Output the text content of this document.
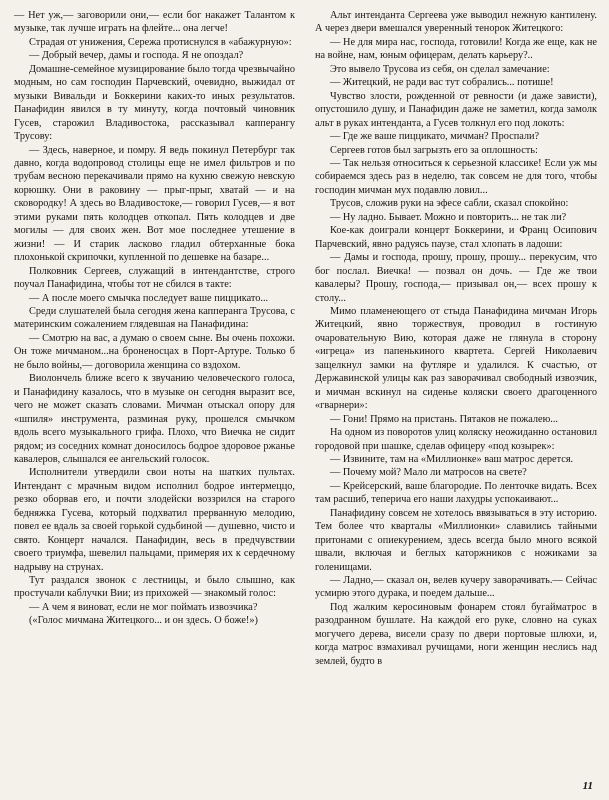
— Нет уж,— заговорили они,— если бог накажет Талантом к музыке, так лучше играть на флейте... она легче!

Страдая от унижения, Сережа протиснулся в «абажурную»:

— Добрый вечер, дамы и господа. Я не опоздал?

Домашне-семейное музицирование было тогда чрезвычайно модным, но сам господин Парчевский, очевидно, выжидал от музыки Вивальди и Боккерини каких-то иных результатов. Панафидин явился в ту минуту, когда почтовый чиновник Гусев, старожил Владивостока, рассказывал капперангу Трусову:

— Здесь, наверное, и помру. Я ведь покинул Петербург так давно, когда водопровод столицы еще не имел фильтров и по трубам весною перекачивали прямо на кухню свежую невскую корюшку. Они в раковину — прыг-прыг, хватай — и на сковородку! А здесь во Владивостоке,— говорил Гусев,— я вот этими руками пять колодцев откопал. Пять колодцев и две могилы — для своих жен. Вот мое последнее утешение в жизни! — И старик ласково гладил обтерханные бока плохонькой скрипочки, купленной по дешевке на базаре...

Полковник Сергеев, служащий в интендантстве, строго поучал Панафидина, чтобы тот не сбился в такте:

— А после моего смычка последует ваше пиццикато...

Среди слушателей была сегодня жена капперанга Трусова, с материнским сожалением глядевшая на Панафидина:

— Смотрю на вас, а думаю о своем сыне. Вы очень похожи. Он тоже мичманом...на броненосцах в Порт-Артуре. Только б не было войны,— договорила женщина со вздохом.

Виолончель ближе всего к звучанию человеческого голоса, и Панафидину казалось, что в музыке он сегодня выразит все, чего не может сказать словами. Мичман отыскал опору для «шпиля» инструмента, разминая руку, прошелся смычком вдоль всего музыкального грифа. Плохо, что Виечка не сидит рядом; из соседних комнат доносилось бодрое здоровое ржанье кавалеров, слышался ее ангельский голосок.

Исполнители утвердили свои ноты на шатких пультах. Интендант с мрачным видом исполнил бодрое интермеццо, резко оборвав его, и почти злодейски воззрился на старого бедняжка Гусева, который подхватил прерванную мелодию, повел ее вдаль за своей горькой судьбиной — душевно, чисто и свято. Концерт начался. Панафидин, весь в предчувствии своего триумфа, шевелил пальцами, примеряя их к сердечному надрыву на струнах.

Тут раздался звонок с лестницы, и было слышно, как простучали каблучки Вии; из прихожей — знакомый голос:

— А чем я виноват, если не мог поймать извозчика?

(«Голос мичмана Житецкого... и он здесь. О боже!»)

Альт интенданта Сергеева уже выводил нежную кантилену. А через двери вмешался уверенный тенорок Житецкого:

— Не для мира нас, господа, готовили! Когда же еще, как не на войне, нам, юным офицерам, делать карьеру?..

Это вывело Трусова из себя, он сделал замечание:

— Житецкий, не ради вас тут собрались... потише!

Чувство злости, рожденной от ревности (и даже зависти), опустошило душу, и Панафидин даже не заметил, когда замолк альт в руках интенданта, а Гусев толкнул его под локоть:

— Где же ваше пиццикато, мичман? Проспали?

Сергеев готов был загрызть его за оплошность:

— Так нельзя относиться к серьезной классике! Если уж мы собираемся здесь раз в неделю, так совсем не для того, чтобы господин мичман мух подавлю ловил...

Трусов, сложив руки на эфесе сабли, сказал спокойно:

— Ну ладно. Бывает. Можно и повторить... не так ли?

Кое-как доиграли концерт Боккерини, и Франц Осипович Парчевский, явно радуясь паузе, стал хлопать в ладоши:

— Дамы и господа, прошу, прошу, прошу... перекусим, что бог послал. Виечка! — позвал он дочь. — Где же твои кавалеры? Прошу, господа,— призывал он,— всех прошу к столу...

Мимо пламенеющего от стыда Панафидина мичман Игорь Житецкий, явно торжествуя, проводил в гостиную очаровательную Вию, которая даже не глянула в сторону «игреца» из папенькиного квартета. Сергей Николаевич защелкнул замки на футляре и удалился. К счастью, от Державинской улицы как раз заворачивал свободный извозчик, и мичман вскинул на сиденье коляски своего драгоценного «гварнери»:

— Гони! Прямо на пристань. Пятаков не пожалею...

На одном из поворотов улиц коляску неожиданно остановил городовой при шашке, сделав офицеру «под козырек»:

— Извините, там на «Миллионке» ваш матрос дерется.

— Почему мой? Мало ли матросов на свете?

— Крейсерский, ваше благородие. По ленточке видать. Всех там расшиб, теперича его наши лахудры успокаивают...

Панафидину совсем не хотелось ввязываться в эту историю. Тем более что кварталы «Миллионки» славились тайными притонами с опиекурением, здесь всегда было много всякой швали, включая и беглых каторжников с ножиками за голенищами.

— Ладно,— сказал он, велев кучеру заворачивать.— Сейчас усмирю этого дурака, и поедем дальше...

Под жалким керосиновым фонарем стоял бугаймaтрос в разодранном бушлате. На каждой его руке, словно на суках могучего дерева, висели сразу по двери портовые шлюхи, и, когда матрос взмахивал ручищами, ноги женщин неслись над землей, будто в

11
